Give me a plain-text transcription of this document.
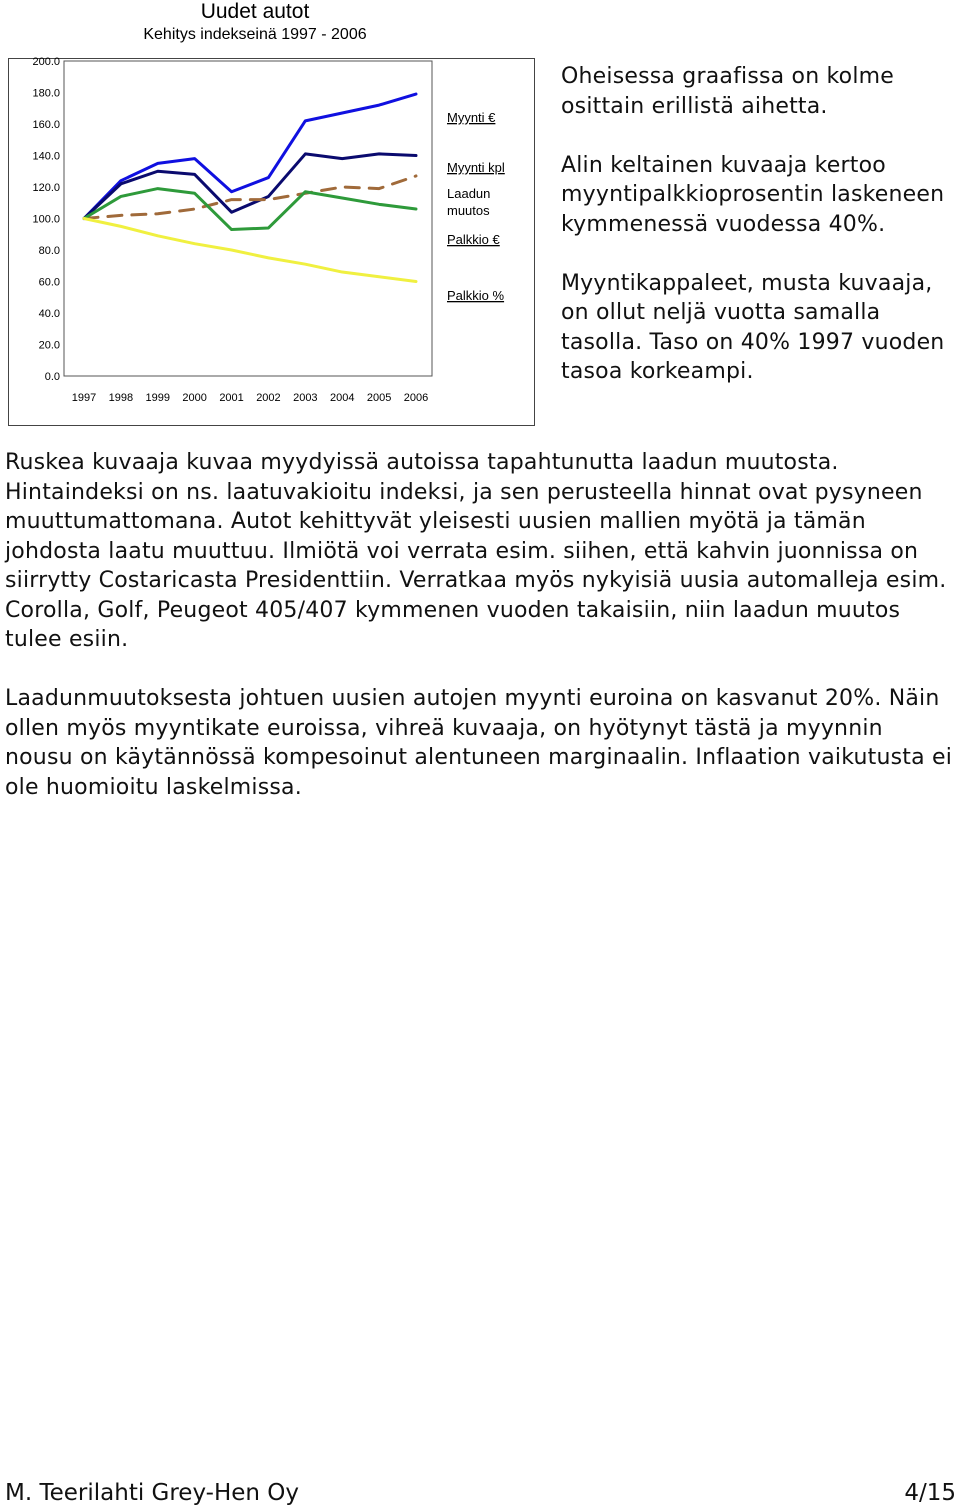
Uudet autot
Kehitys indekseinä 1997 - 2006
200.0
180.0
160.0
140.0
120.0
100.0
80.0
60.0
40.0
20.0
0.0
1997 1998 1999 2000 2001 2002 2003 2004 2005 2006
Myynti €
Myynti kpl
Laadun muutos
Palkkio €
Palkkio %

Oheisessa graafissa on kolme osittain erillistä aihetta.

Alin keltainen kuvaaja kertoo myyntipalkkioprosentin laskeneen kymmenessä vuodessa 40%.

Myyntikappaleet, musta kuvaaja, on ollut neljä vuotta samalla tasolla. Taso on 40% 1997 vuoden tasoa korkeampi.

Ruskea kuvaaja kuvaa myydyissä autoissa tapahtunutta laadun muutosta. Hintaindeksi on ns. laatuvakioitu indeksi, ja sen perusteella hinnat ovat pysyneen muuttumattomana. Autot kehittyvät yleisesti uusien mallien myötä ja tämän johdosta laatu muuttuu. Ilmiötä voi verrata esim. siihen, että kahvin juonnissa on siirrytty Costaricasta Presidenttiin. Verratkaa myös nykyisiä uusia automalleja esim. Corolla, Golf, Peugeot 405/407 kymmenen vuoden takaisiin, niin laadun muutos tulee esiin.

Laadunmuutoksesta johtuen uusien autojen myynti euroina on kasvanut 20%. Näin ollen myös myyntikate euroissa, vihreä kuvaaja, on hyötynyt tästä ja myynnin nousu on käytännössä kompesoinut alentuneen marginaalin. Inflaation vaikutusta ei ole huomioitu laskelmissa.

M. Teerilahti Grey-Hen Oy	4/15
